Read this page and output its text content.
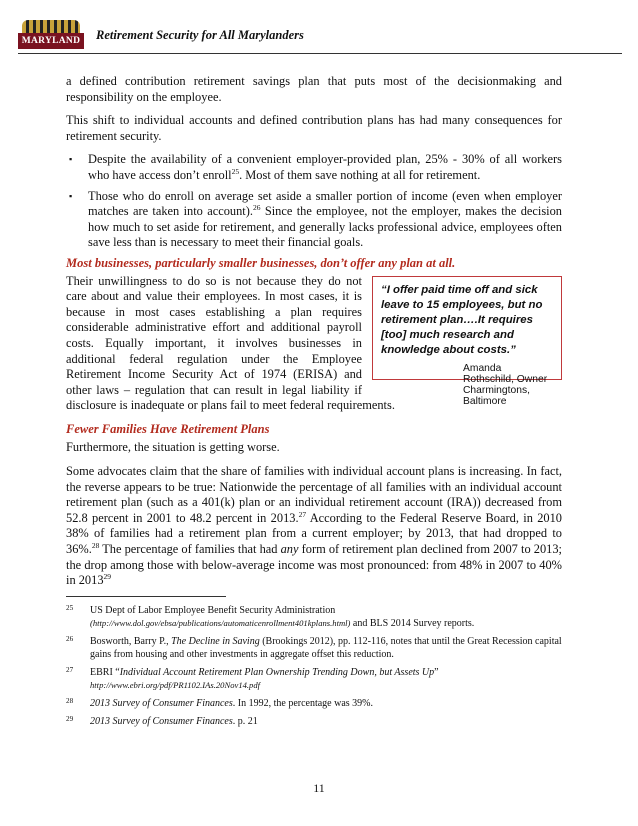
MARYLAND Retirement Security for All Marylanders

a defined contribution retirement savings plan that puts most of the decisionmaking and responsibility on the employee.

This shift to individual accounts and defined contribution plans has had many consequences for retirement security.

▪ Despite the availability of a convenient employer-provided plan, 25% - 30% of all workers who have access don’t enroll$^{25}$. Most of them save nothing at all for retirement.
▪ Those who do enroll on average set aside a smaller portion of income (even when employer matches are taken into account).$^{26}$ Since the employee, not the employer, makes the decision how much to set aside for retirement, and generally lacks professional advice, employees often save less than is necessary to meet their financial goals.
Most businesses, particularly smaller businesses, don’t offer any plan at all.

“I offer paid time off and sick leave to 15 employees, but no retirement plan….It requires [too] much research and knowledge about costs.”

Amanda Rothschild, Owner
Charmingtons, Baltimore

Their unwillingness to do so is not because they do not care about and value their employees. In most cases, it is because in most cases establishing a plan requires considerable administrative effort and additional payroll costs. Equally important, it involves businesses in additional federal regulation under the Employee Retirement Income Security Act of 1974 (ERISA) and other laws – regulation that can result in legal liability if disclosure is inadequate or plans fail to meet federal requirements.

Fewer Families Have Retirement Plans

Furthermore, the situation is getting worse.

Some advocates claim that the share of families with individual account plans is increasing. In fact, the reverse appears to be true: Nationwide the percentage of all families with an individual account retirement plan (such as a 401(k) plan or an individual retirement account (IRA)) decreased from 52.8 percent in 2001 to 48.2 percent in 2013.27 According to the Federal Reserve Board, in 2010 38% of families had a retirement plan from a current employer; by 2013, that had dropped to 36%.$^{28}$ The percentage of families that had any form of retirement plan declined from 2007 to 2013; the drop among those with below-average income was most pronounced: from 48% in 2007 to 40% in 2013$^{29}$

25 US Dept of Labor Employee Benefit Security Administration
(http://www.dol.gov/ebsa/publications/automaticenrollment401kplans.html) and BLS 2014 Survey reports.
26 Bosworth, Barry P., The Decline in Saving (Brookings 2012), pp. 112-116, notes that until the Great Recession capital gains from housing and other investments in aggregate offset this reduction.
27 EBRI “Individual Account Retirement Plan Ownership Trending Down, but Assets Up”
http://www.ebri.org/pdf/PR1102.IAs.20Nov14.pdf
28 2013 Survey of Consumer Finances. In 1992, the percentage was 39%.
29 2013 Survey of Consumer Finances. p. 21
11
